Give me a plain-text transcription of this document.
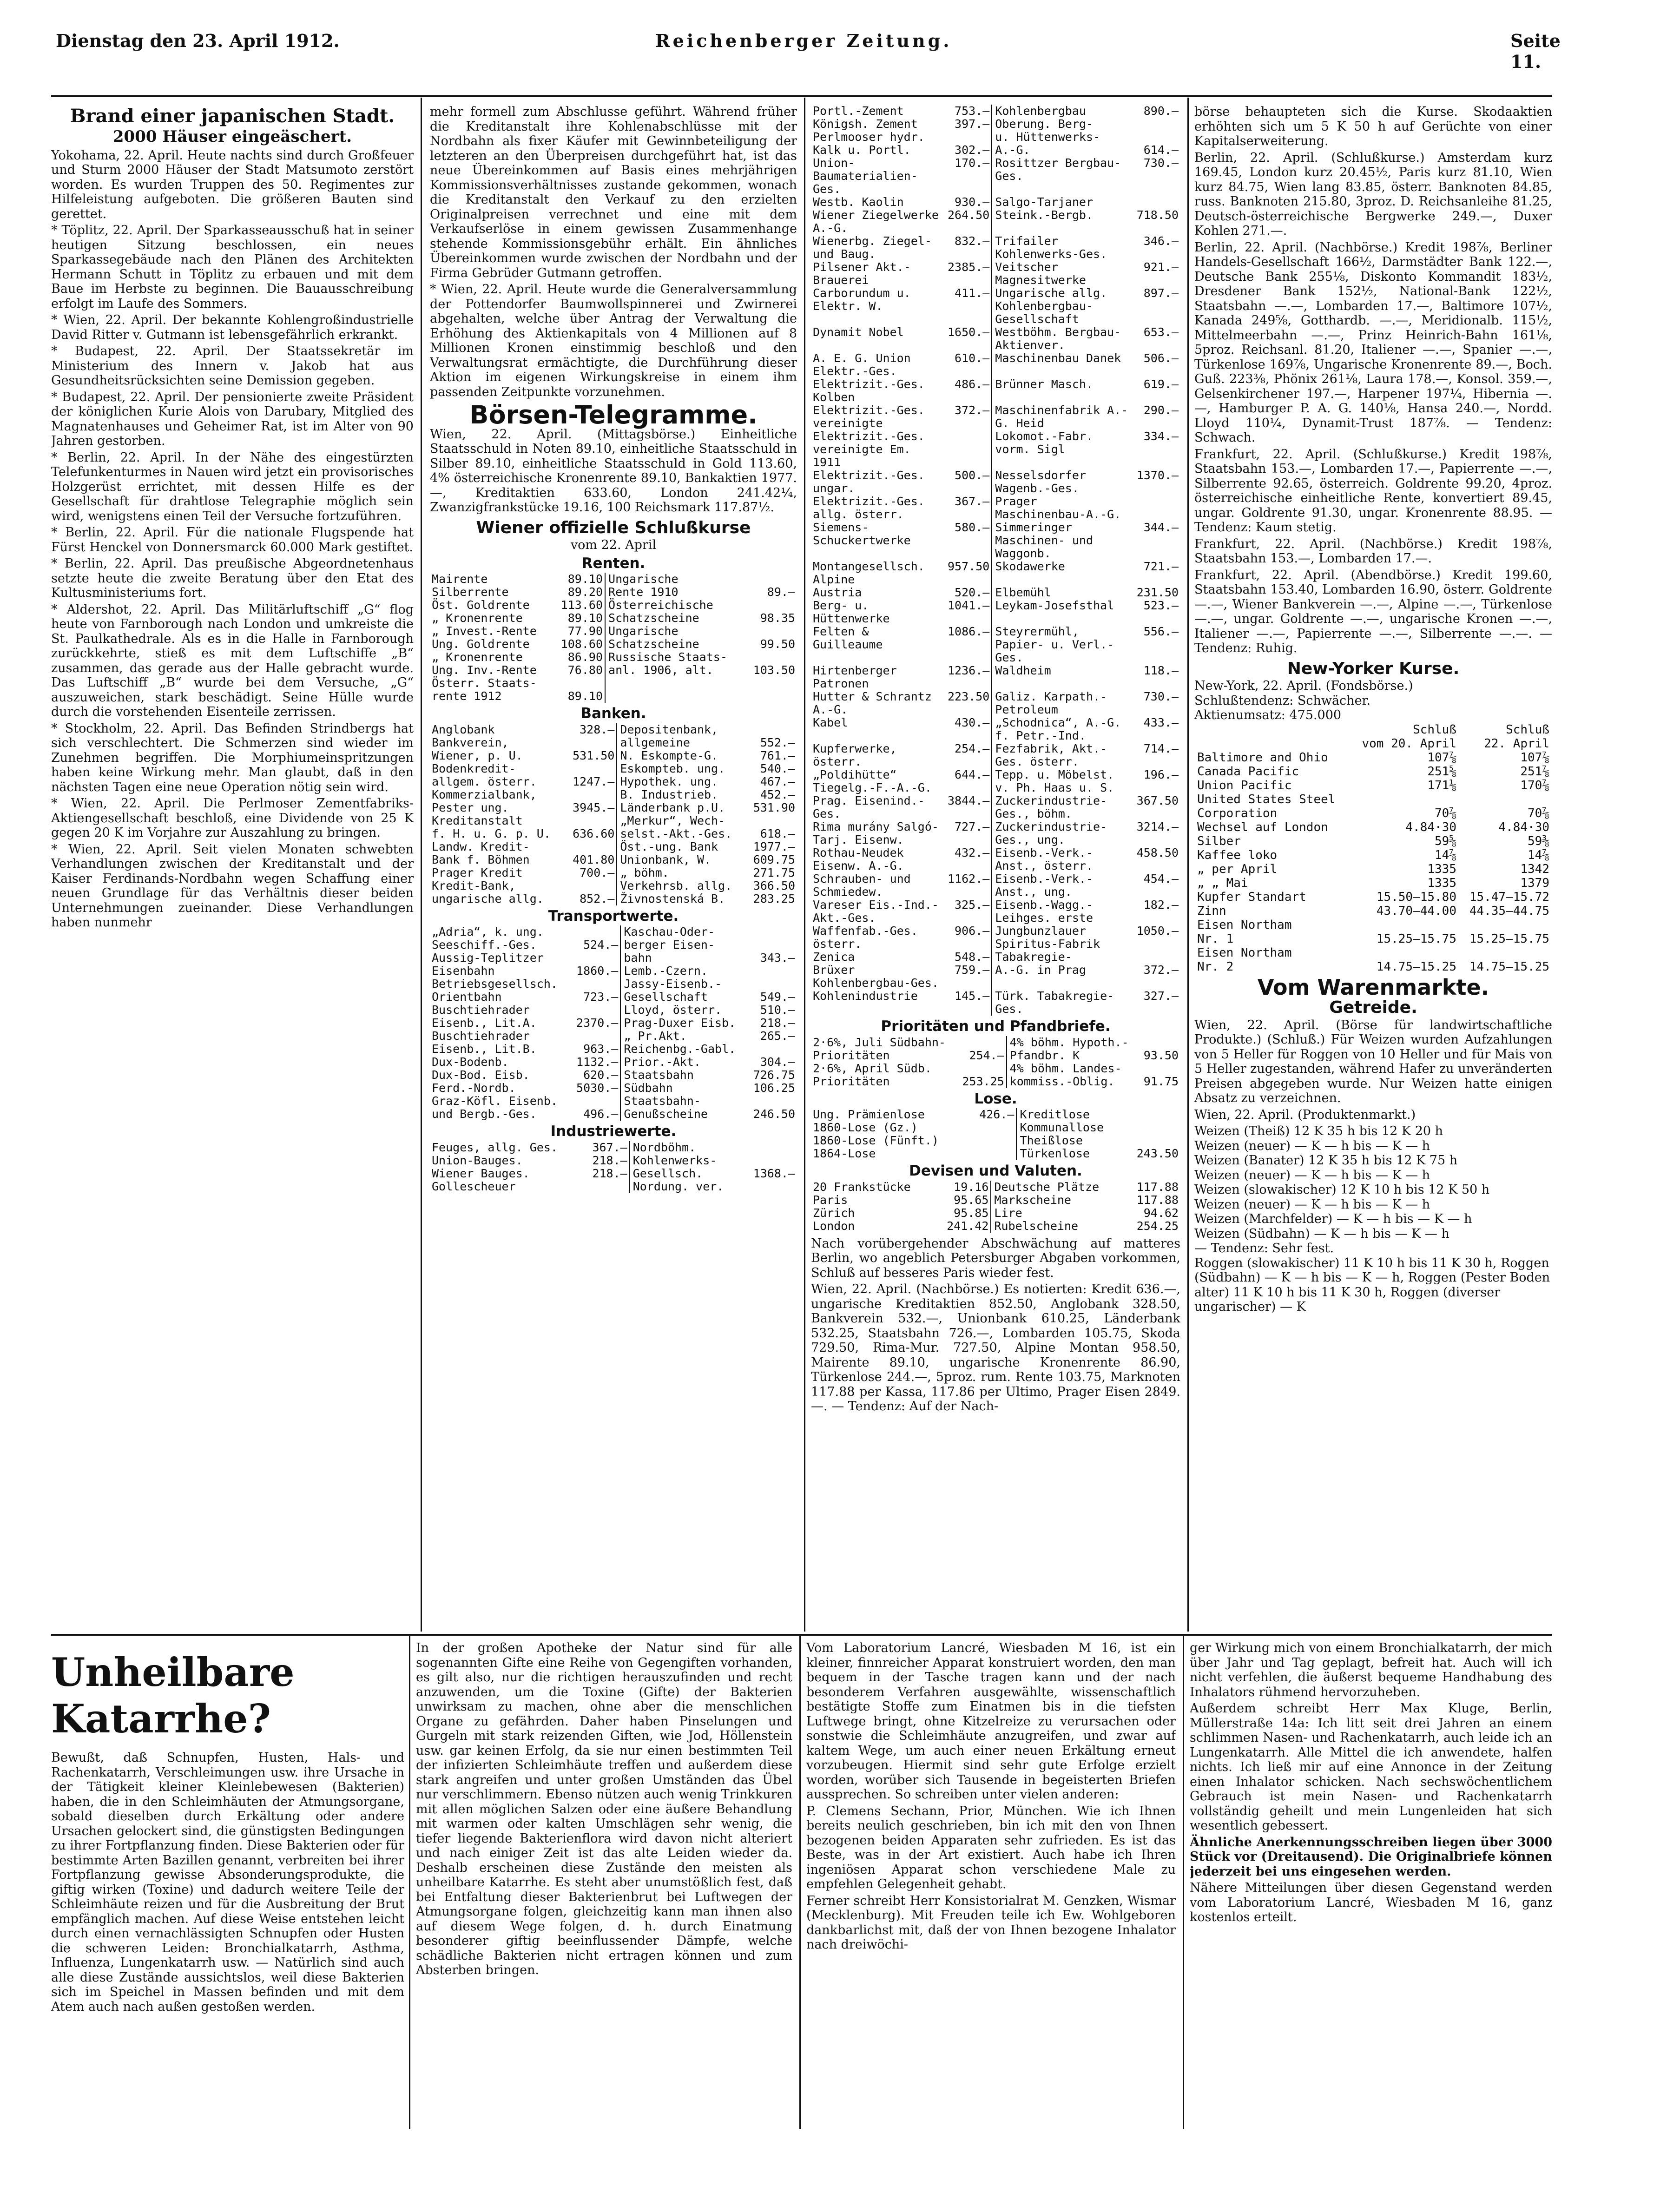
Dienstag den 23. April 1912.	Reichenberger Zeitung.	Seite 11.
Brand einer japanischen Stadt.
2000 Häuser eingeäschert.

Yokohama, 22. April. Heute nachts sind durch Großfeuer und Sturm 2000 Häuser der Stadt Matsumoto zerstört worden. Es wurden Truppen des 50. Regimentes zur Hilfeleistung aufgeboten. Die größeren Bauten sind gerettet.

* Töplitz, 22. April. Der Sparkasseausschuß hat in seiner heutigen Sitzung beschlossen, ein neues Sparkassegebäude nach den Plänen des Architekten Hermann Schutt in Töplitz zu erbauen und mit dem Baue im Herbste zu beginnen. Die Bauausschreibung erfolgt im Laufe des Sommers.

* Wien, 22. April. Der bekannte Kohlengroßindustrielle David Ritter v. Gutmann ist lebensgefährlich erkrankt.

* Budapest, 22. April. Der Staatssekretär im Ministerium des Innern v. Jakob hat aus Gesundheitsrücksichten seine Demission gegeben.

* Budapest, 22. April. Der pensionierte zweite Präsident der königlichen Kurie Alois von Darubary, Mitglied des Magnatenhauses und Geheimer Rat, ist im Alter von 90 Jahren gestorben.

* Berlin, 22. April. In der Nähe des eingestürzten Telefunkenturmes in Nauen wird jetzt ein provisorisches Holzgerüst errichtet, mit dessen Hilfe es der Gesellschaft für drahtlose Telegraphie möglich sein wird, wenigstens einen Teil der Versuche fortzuführen.

* Berlin, 22. April. Für die nationale Flugspende hat Fürst Henckel von Donnersmarck 60.000 Mark gestiftet.

* Berlin, 22. April. Das preußische Abgeordnetenhaus setzte heute die zweite Beratung über den Etat des Kultusministeriums fort.

* Aldershot, 22. April. Das Militärluftschiff „G“ flog heute von Farnborough nach London und umkreiste die St. Paulkathedrale. Als es in die Halle in Farnborough zurückkehrte, stieß es mit dem Luftschiffe „B“ zusammen, das gerade aus der Halle gebracht wurde. Das Luftschiff „B“ wurde bei dem Versuche, „G“ auszuweichen, stark beschädigt. Seine Hülle wurde durch die vorstehenden Eisenteile zerrissen.

* Stockholm, 22. April. Das Befinden Strindbergs hat sich verschlechtert. Die Schmerzen sind wieder im Zunehmen begriffen. Die Morphiumeinspritzungen haben keine Wirkung mehr. Man glaubt, daß in den nächsten Tagen eine neue Operation nötig sein wird.

* Wien, 22. April. Die Perlmoser Zementfabriks-Aktiengesellschaft beschloß, eine Dividende von 25 K gegen 20 K im Vorjahre zur Auszahlung zu bringen.

* Wien, 22. April. Seit vielen Monaten schwebten Verhandlungen zwischen der Kreditanstalt und der Kaiser Ferdinands-Nordbahn wegen Schaffung einer neuen Grundlage für das Verhältnis dieser beiden Unternehmungen zueinander. Diese Verhandlungen haben nunmehr

mehr formell zum Abschlusse geführt. Während früher die Kreditanstalt ihre Kohlenabschlüsse mit der Nordbahn als fixer Käufer mit Gewinnbeteiligung der letzteren an den Überpreisen durchgeführt hat, ist das neue Übereinkommen auf Basis eines mehrjährigen Kommissionsverhältnisses zustande gekommen, wonach die Kreditanstalt den Verkauf zu den erzielten Originalpreisen verrechnet und eine mit dem Verkaufserlöse in einem gewissen Zusammenhange stehende Kommissionsgebühr erhält. Ein ähnliches Übereinkommen wurde zwischen der Nordbahn und der Firma Gebrüder Gutmann getroffen.

* Wien, 22. April. Heute wurde die Generalversammlung der Pottendorfer Baumwollspinnerei und Zwirnerei abgehalten, welche über Antrag der Verwaltung die Erhöhung des Aktienkapitals von 4 Millionen auf 8 Millionen Kronen einstimmig beschloß und den Verwaltungsrat ermächtigte, die Durchführung dieser Aktion im eigenen Wirkungskreise in einem ihm passenden Zeitpunkte vorzunehmen.

Börsen-Telegramme.

Wien, 22. April. (Mittagsbörse.) Einheitliche Staatsschuld in Noten 89.10, einheitliche Staatsschuld in Silber 89.10, einheitliche Staatsschuld in Gold 113.60, 4% österreichische Kronenrente 89.10, Bankaktien 1977.—, Kreditaktien 633.60, London 241.42¼, Zwanzigfrankstücke 19.16, 100 Reichsmark 117.87½.

Wiener offizielle Schlußkurse
vom 22. April
Renten.
Mairente	89.10		Ungarische	
Silberrente	89.20		Rente 1910	89.—
Öst. Goldrente	113.60		Österreichische	
„ Kronenrente	89.10		Schatzscheine	98.35
„ Invest.-Rente	77.90		Ungarische	
Ung. Goldrente	108.60		Schatzscheine	99.50
„ Kronenrente	86.90		Russische Staats-	
Ung. Inv.-Rente	76.80		anl. 1906, alt.	103.50
Österr. Staats-				
rente 1912	89.10			
Banken.
Anglobank	328.—		Depositenbank,	
Bankverein,			allgemeine	552.—
Wiener, p. U.	531.50		N. Eskompte-G.	761.—
Bodenkredit-			Eskompteb. ung.	540.—
allgem. österr.	1247.—		Hypothek. ung.	467.—
Kommerzialbank,			B. Industrieb.	452.—
Pester ung.	3945.—		Länderbank p.U.	531.90
Kreditanstalt			„Merkur“, Wech-	
f. H. u. G. p. U.	636.60		selst.-Akt.-Ges.	618.—
Landw. Kredit-			Öst.-ung. Bank	1977.—
Bank f. Böhmen	401.80		Unionbank, W.	609.75
Prager Kredit	700.—		„ böhm.	271.75
Kredit-Bank,			Verkehrsb. allg.	366.50
ungarische allg.	852.—		Živnostenská B.	283.25
Transportwerte.
„Adria“, k. ung.			Kaschau-Oder-	
Seeschiff.-Ges.	524.—		berger Eisen-	
Aussig-Teplitzer			bahn	343.—
Eisenbahn	1860.—		Lemb.-Czern.	
Betriebsgesellsch.			Jassy-Eisenb.-	
Orientbahn	723.—		Gesellschaft	549.—
Buschtiehrader			Lloyd, österr.	510.—
Eisenb., Lit.A.	2370.—		Prag-Duxer Eisb.	218.—
Buschtiehrader			„ Pr.Akt.	265.—
Eisenb., Lit.B.	963.—		Reichenbg.-Gabl.	
Dux-Bodenb.	1132.—		Prior.-Akt.	304.—
Dux-Bod. Eisb.	620.—		Staatsbahn	726.75
Ferd.-Nordb.	5030.—		Südbahn	106.25
Graz-Köfl. Eisenb.			Staatsbahn-	
und Bergb.-Ges.	496.—		Genußscheine	246.50
Industriewerte.
Feuges, allg. Ges.	367.—		Nordböhm.	
Union-Bauges.	218.—		Kohlenwerks-	
Wiener Bauges.	218.—		Gesellsch.	1368.—
Gollescheuer			Nordung. ver.	
Portl.-Zement	753.—		Kohlenbergbau	890.—
Königsh. Zement	397.—		Oberung. Berg-	
Perlmooser hydr.			u. Hüttenwerks-	
Kalk u. Portl.	302.—		A.-G.	614.—
Union-Baumaterialien-Ges.	170.—		Rosittzer Bergbau-Ges.	730.—
Westb. Kaolin	930.—		Salgo-Tarjaner	
Wiener Ziegelwerke A.-G.	264.50		Steink.-Bergb.	718.50
Wienerbg. Ziegel- und Baug.	832.—		Trifailer Kohlenwerks-Ges.	346.—
Pilsener Akt.-Brauerei	2385.—		Veitscher Magnesitwerke	921.—
Carborundum u. Elektr. W.	411.—		Ungarische allg. Kohlenbergbau-Gesellschaft	897.—
Dynamit Nobel	1650.—		Westböhm. Bergbau-Aktienver.	653.—
A. E. G. Union Elektr.-Ges.	610.—		Maschinenbau Danek	506.—
Elektrizit.-Ges. Kolben	486.—		Brünner Masch.	619.—
Elektrizit.-Ges. vereinigte	372.—		Maschinenfabrik A.-G. Heid	290.—
Elektrizit.-Ges. vereinigte Em. 1911			Lokomot.-Fabr. vorm. Sigl	334.—
Elektrizit.-Ges. ungar.	500.—		Nesselsdorfer Wagenb.-Ges.	1370.—
Elektrizit.-Ges. allg. österr.	367.—		Prager Maschinenbau-A.-G.	
Siemens-Schuckertwerke	580.—		Simmeringer Maschinen- und Waggonb.	344.—
Montangesellsch. Alpine	957.50		Skodawerke	721.—
Austria	520.—		Elbemühl	231.50
Berg- u. Hüttenwerke	1041.—		Leykam-Josefsthal	523.—
Felten & Guilleaume	1086.—		Steyrermühl, Papier- u. Verl.-Ges.	556.—
Hirtenberger Patronen	1236.—		Waldheim	118.—
Hutter & Schrantz A.-G.	223.50		Galiz. Karpath.-Petroleum	730.—
Kabel	430.—		„Schodnica“, A.-G. f. Petr.-Ind.	433.—
Kupferwerke, österr.	254.—		Fezfabrik, Akt.-Ges. österr.	714.—
„Poldihütte“ Tiegelg.-F.-A.-G.	644.—		Tepp. u. Möbelst. v. Ph. Haas u. S.	196.—
Prag. Eisenind.-Ges.	3844.—		Zuckerindustrie-Ges., böhm.	367.50
Rima murány Salgó-Tarj. Eisenw.	727.—		Zuckerindustrie-Ges., ung.	3214.—
Rothau-Neudek Eisenw. A.-G.	432.—		Eisenb.-Verk.-Anst., österr.	458.50
Schrauben- und Schmiedew.	1162.—		Eisenb.-Verk.-Anst., ung.	454.—
Vareser Eis.-Ind.-Akt.-Ges.	325.—		Eisenb.-Wagg.-Leihges. erste	182.—
Waffenfab.-Ges. österr.	906.—		Jungbunzlauer Spiritus-Fabrik	1050.—
Zenica	548.—		Tabakregie-	
Brüxer Kohlenbergbau-Ges.	759.—		A.-G. in Prag	372.—
Kohlenindustrie	145.—		Türk. Tabakregie-Ges.	327.—
Prioritäten und Pfandbriefe.
2·6%, Juli Südbahn-			4% böhm. Hypoth.-	
Prioritäten	254.—		Pfandbr. K	93.50
2·6%, April Südb.			4% böhm. Landes-	
Prioritäten	253.25		kommiss.-Oblig.	91.75
Lose.
Ung. Prämienlose	426.—		Kreditlose	
1860-Lose (Gz.)			Kommunallose	
1860-Lose (Fünft.)			Theißlose	
1864-Lose			Türkenlose	243.50
Devisen und Valuten.
20 Frankstücke	19.16		Deutsche Plätze	117.88
Paris	95.65		Markscheine	117.88
Zürich	95.85		Lire	94.62
London	241.42		Rubelscheine	254.25

Nach vorübergehender Abschwächung auf matteres Berlin, wo angeblich Petersburger Abgaben vorkommen, Schluß auf besseres Paris wieder fest.

Wien, 22. April. (Nachbörse.) Es notierten: Kredit 636.—, ungarische Kreditaktien 852.50, Anglobank 328.50, Bankverein 532.—, Unionbank 610.25, Länderbank 532.25, Staatsbahn 726.—, Lombarden 105.75, Skoda 729.50, Rima-Mur. 727.50, Alpine Montan 958.50, Mairente 89.10, ungarische Kronenrente 86.90, Türkenlose 244.—, 5proz. rum. Rente 103.75, Marknoten 117.88 per Kassa, 117.86 per Ultimo, Prager Eisen 2849.—. — Tendenz: Auf der Nach-

börse behaupteten sich die Kurse. Skodaaktien erhöhten sich um 5 K 50 h auf Gerüchte von einer Kapitalserweiterung.

Berlin, 22. April. (Schlußkurse.) Amsterdam kurz 169.45, London kurz 20.45½, Paris kurz 81.10, Wien kurz 84.75, Wien lang 83.85, österr. Banknoten 84.85, russ. Banknoten 215.80, 3proz. D. Reichsanleihe 81.25, Deutsch-österreichische Bergwerke 249.—, Duxer Kohlen 271.—.

Berlin, 22. April. (Nachbörse.) Kredit 198⅞, Berliner Handels-Gesellschaft 166½, Darmstädter Bank 122.—, Deutsche Bank 255⅛, Diskonto Kommandit 183½, Dresdener Bank 152½, National-Bank 122½, Staatsbahn —.—, Lombarden 17.—, Baltimore 107½, Kanada 249⅝, Gotthardb. —.—, Meridionalb. 115½, Mittelmeerbahn —.—, Prinz Heinrich-Bahn 161⅛, 5proz. Reichsanl. 81.20, Italiener —.—, Spanier —.—, Türkenlose 169⅞, Ungarische Kronenrente 89.—, Boch. Guß. 223⅜, Phönix 261⅛, Laura 178.—, Konsol. 359.—, Gelsenkirchener 197.—, Harpener 197¼, Hibernia —.—, Hamburger P. A. G. 140⅛, Hansa 240.—, Nordd. Lloyd 110¼, Dynamit-Trust 187⅞. — Tendenz: Schwach.

Frankfurt, 22. April. (Schlußkurse.) Kredit 198⅞, Staatsbahn 153.—, Lombarden 17.—, Papierrente —.—, Silberrente 92.65, österreich. Goldrente 99.20, 4proz. österreichische einheitliche Rente, konvertiert 89.45, ungar. Goldrente 91.30, ungar. Kronenrente 88.95. — Tendenz: Kaum stetig.

Frankfurt, 22. April. (Nachbörse.) Kredit 198⅞, Staatsbahn 153.—, Lombarden 17.—.

Frankfurt, 22. April. (Abendbörse.) Kredit 199.60, Staatsbahn 153.40, Lombarden 16.90, österr. Goldrente —.—, Wiener Bankverein —.—, Alpine —.—, Türkenlose —.—, ungar. Goldrente —.—, ungarische Kronen —.—, Italiener —.—, Papierrente —.—, Silberrente —.—. — Tendenz: Ruhig.

New-Yorker Kurse.
New-York, 22. April. (Fondsbörse.)
Schlußtendenz: Schwächer.
Aktienumsatz: 475.000
	Schluß	Schluß
	vom 20. April	22. April
Baltimore and Ohio	107⅞	107⅞
Canada Pacific	251⅝	251⅞
Union Pacific	171⅛	170⅞
United States Steel		
Corporation	70⅞	70⅞
Wechsel auf London	4.84·30	4.84·30
Silber	59⅝	59⅜
Kaffee loko	14⅞	14⅞
„ per April	1335	1342
„ „ Mai	1335	1379
Kupfer Standart	15.50—15.80	15.47—15.72
Zinn	43.70—44.00	44.35—44.75
Eisen Northam		
Nr. 1	15.25—15.75	15.25—15.75
Eisen Northam		
Nr. 2	14.75—15.25	14.75—15.25
Vom Warenmarkte.
Getreide.

Wien, 22. April. (Börse für landwirtschaftliche Produkte.) (Schluß.) Für Weizen wurden Aufzahlungen von 5 Heller für Roggen von 10 Heller und für Mais von 5 Heller zugestanden, während Hafer zu unveränderten Preisen abgegeben wurde. Nur Weizen hatte einigen Absatz zu verzeichnen.

Wien, 22. April. (Produktenmarkt.)

Weizen (Theiß) 12 K 35 h bis 12 K 20 h
Weizen (neuer) — K — h bis — K — h
Weizen (Banater) 12 K 35 h bis 12 K 75 h
Weizen (neuer) — K — h bis — K — h
Weizen (slowakischer) 12 K 10 h bis 12 K 50 h
Weizen (neuer) — K — h bis — K — h
Weizen (Marchfelder) — K — h bis — K — h
Weizen (Südbahn) — K — h bis — K — h
— Tendenz: Sehr fest.
Roggen (slowakischer) 11 K 10 h bis 11 K 30 h, Roggen (Südbahn) — K — h bis — K — h, Roggen (Pester Boden alter) 11 K 10 h bis 11 K 30 h, Roggen (diverser ungarischer) — K
Unheilbare Katarrhe?

Bewußt, daß Schnupfen, Husten, Hals- und Rachenkatarrh, Verschleimungen usw. ihre Ursache in der Tätigkeit kleiner Kleinlebewesen (Bakterien) haben, die in den Schleimhäuten der Atmungsorgane, sobald dieselben durch Erkältung oder andere Ursachen gelockert sind, die günstigsten Bedingungen zu ihrer Fortpflanzung finden. Diese Bakterien oder für bestimmte Arten Bazillen genannt, verbreiten bei ihrer Fortpflanzung gewisse Absonderungsprodukte, die giftig wirken (Toxine) und dadurch weitere Teile der Schleimhäute reizen und für die Ausbreitung der Brut empfänglich machen. Auf diese Weise entstehen leicht durch einen vernachlässigten Schnupfen oder Husten die schweren Leiden: Bronchialkatarrh, Asthma, Influenza, Lungenkatarrh usw. — Natürlich sind auch alle diese Zustände aussichtslos, weil diese Bakterien sich im Speichel in Massen befinden und mit dem Atem auch nach außen gestoßen werden.

In der großen Apotheke der Natur sind für alle sogenannten Gifte eine Reihe von Gegengiften vorhanden, es gilt also, nur die richtigen herauszufinden und recht anzuwenden, um die Toxine (Gifte) der Bakterien unwirksam zu machen, ohne aber die menschlichen Organe zu gefährden. Daher haben Pinselungen und Gurgeln mit stark reizenden Giften, wie Jod, Höllenstein usw. gar keinen Erfolg, da sie nur einen bestimmten Teil der infizierten Schleimhäute treffen und außerdem diese stark angreifen und unter großen Umständen das Übel nur verschlimmern. Ebenso nützen auch wenig Trinkkuren mit allen möglichen Salzen oder eine äußere Behandlung mit warmen oder kalten Umschlägen sehr wenig, die tiefer liegende Bakterienflora wird davon nicht alteriert und nach einiger Zeit ist das alte Leiden wieder da. Deshalb erscheinen diese Zustände den meisten als unheilbare Katarrhe. Es steht aber unumstößlich fest, daß bei Entfaltung dieser Bakterienbrut bei Luftwegen der Atmungsorgane folgen, gleichzeitig kann man ihnen also auf diesem Wege folgen, d. h. durch Einatmung besonderer giftig beeinflussender Dämpfe, welche schädliche Bakterien nicht ertragen können und zum Absterben bringen.

Vom Laboratorium Lancré, Wiesbaden M 16, ist ein kleiner, finnreicher Apparat konstruiert worden, den man bequem in der Tasche tragen kann und der nach besonderem Verfahren ausgewählte, wissenschaftlich bestätigte Stoffe zum Einatmen bis in die tiefsten Luftwege bringt, ohne Kitzelreize zu verursachen oder sonstwie die Schleimhäute anzugreifen, und zwar auf kaltem Wege, um auch einer neuen Erkältung erneut vorzubeugen. Hiermit sind sehr gute Erfolge erzielt worden, worüber sich Tausende in begeisterten Briefen aussprechen. So schreiben unter vielen anderen:

P. Clemens Sechann, Prior, München. Wie ich Ihnen bereits neulich geschrieben, bin ich mit den von Ihnen bezogenen beiden Apparaten sehr zufrieden. Es ist das Beste, was in der Art existiert. Auch habe ich Ihren ingeniösen Apparat schon verschiedene Male zu empfehlen Gelegenheit gehabt.

Ferner schreibt Herr Konsistorialrat M. Genzken, Wismar (Mecklenburg). Mit Freuden teile ich Ew. Wohlgeboren dankbarlichst mit, daß der von Ihnen bezogene Inhalator nach dreiwöchi-

ger Wirkung mich von einem Bronchialkatarrh, der mich über Jahr und Tag geplagt, befreit hat. Auch will ich nicht verfehlen, die äußerst bequeme Handhabung des Inhalators rühmend hervorzuheben.

Außerdem schreibt Herr Max Kluge, Berlin, Müllerstraße 14a: Ich litt seit drei Jahren an einem schlimmen Nasen- und Rachenkatarrh, auch leide ich an Lungenkatarrh. Alle Mittel die ich anwendete, halfen nichts. Ich ließ mir auf eine Annonce in der Zeitung einen Inhalator schicken. Nach sechswöchentlichem Gebrauch ist mein Nasen- und Rachenkatarrh vollständig geheilt und mein Lungenleiden hat sich wesentlich gebessert.

Ähnliche Anerkennungsschreiben liegen über 3000 Stück vor (Dreitausend). Die Originalbriefe können jederzeit bei uns eingesehen werden.

Nähere Mitteilungen über diesen Gegenstand werden vom Laboratorium Lancré, Wiesbaden M 16, ganz kostenlos erteilt.
